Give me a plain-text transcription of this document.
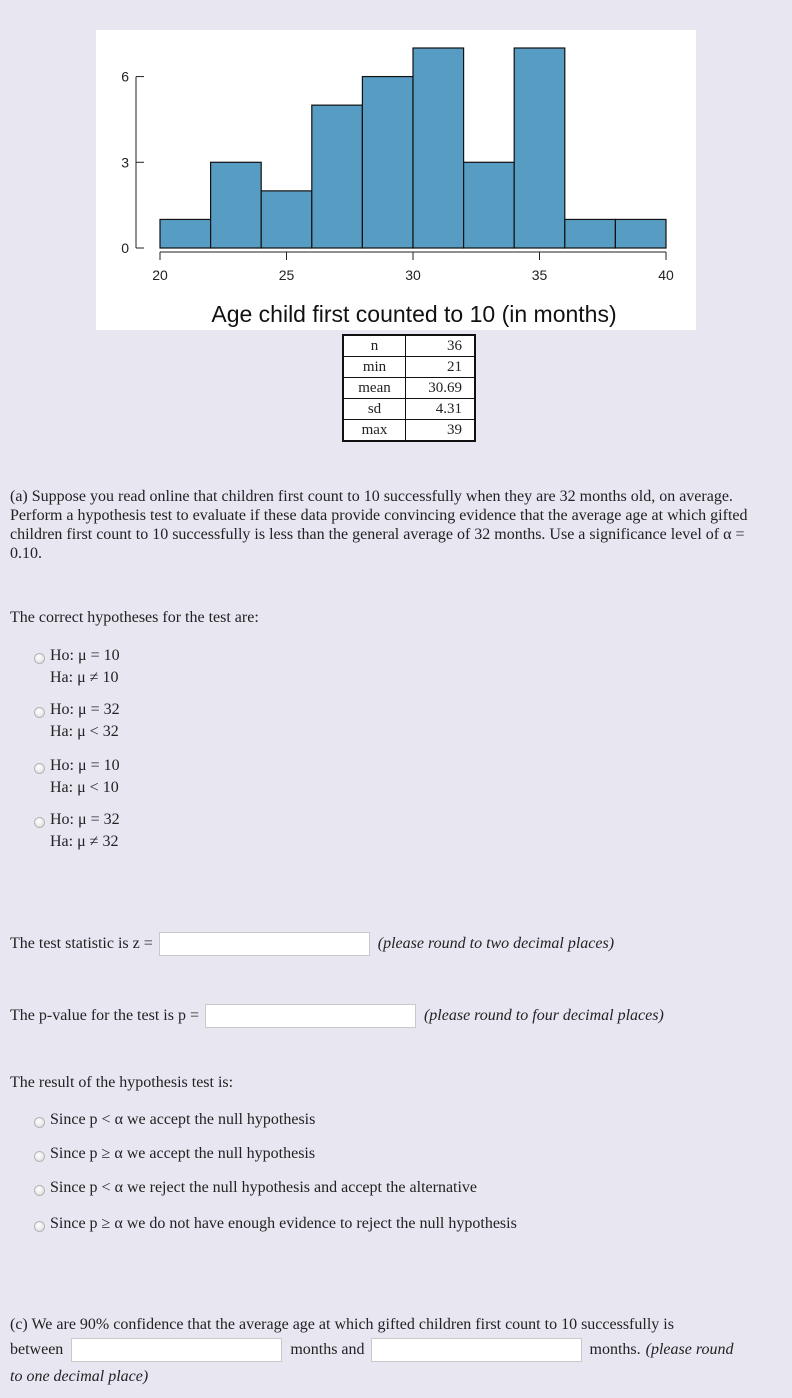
0
3
6
20	25	30	35	40
Age child first counted to 10 (in months)
n	36
min	21
mean	30.69
sd	4.31
max	39
(a) Suppose you read online that children first count to 10 successfully when they are 32 months old, on average. Perform a hypothesis test to evaluate if these data provide convincing evidence that the average age at which gifted children first count to 10 successfully is less than the general average of 32 months. Use a significance level of α = 0.10.
The correct hypotheses for the test are:
Ho: μ = 10
Ha: μ ≠ 10
Ho: μ = 32
Ha: μ < 32
Ho: μ = 10
Ha: μ < 10
Ho: μ = 32
Ha: μ ≠ 32
The test statistic is z =	(please round to two decimal places)
The p-value for the test is p =	(please round to four decimal places)
The result of the hypothesis test is:
Since p < α we accept the null hypothesis
Since p ≥ α we accept the null hypothesis
Since p < α we reject the null hypothesis and accept the alternative
Since p ≥ α we do not have enough evidence to reject the null hypothesis
(c) We are 90% confidence that the average age at which gifted children first count to 10 successfully is
between	months and	months. (please round
to one decimal place)
